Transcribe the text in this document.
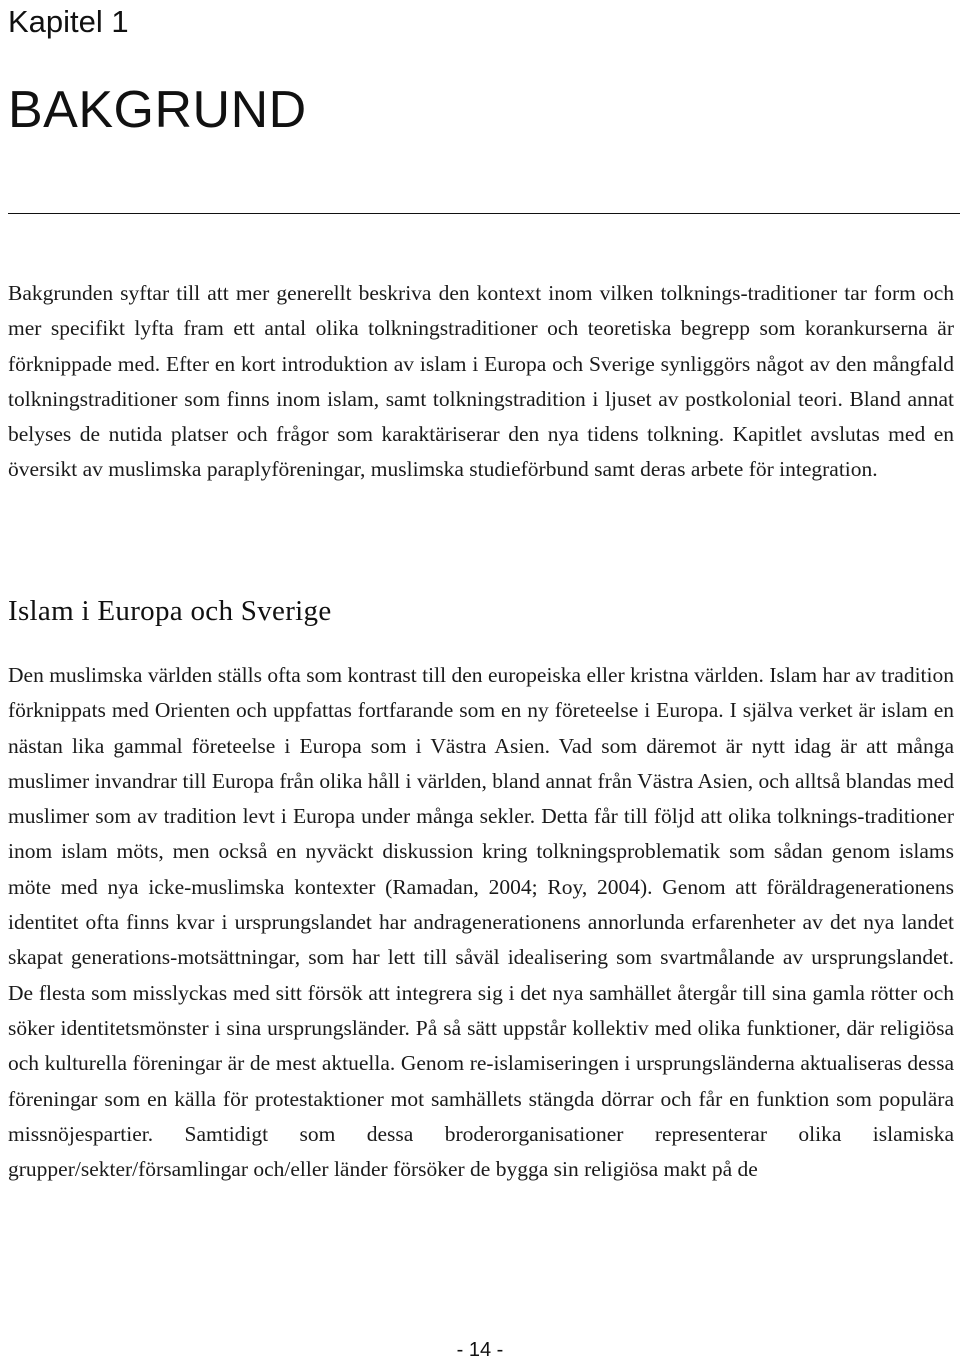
Kapitel 1
BAKGRUND

Bakgrunden syftar till att mer generellt beskriva den kontext inom vilken tolknings-traditioner tar form och mer specifikt lyfta fram ett antal olika tolkningstraditioner och teoretiska begrepp som korankurserna är förknippade med. Efter en kort introduktion av islam i Europa och Sverige synliggörs något av den mångfald tolkningstraditioner som finns inom islam, samt tolkningstradition i ljuset av postkolonial teori. Bland annat belyses de nutida platser och frågor som karaktäriserar den nya tidens tolkning. Kapitlet avslutas med en översikt av muslimska paraplyföreningar, muslimska studieförbund samt deras arbete för integration.

Islam i Europa och Sverige

Den muslimska världen ställs ofta som kontrast till den europeiska eller kristna världen. Islam har av tradition förknippats med Orienten och uppfattas fortfarande som en ny företeelse i Europa. I själva verket är islam en nästan lika gammal företeelse i Europa som i Västra Asien. Vad som däremot är nytt idag är att många muslimer invandrar till Europa från olika håll i världen, bland annat från Västra Asien, och alltså blandas med muslimer som av tradition levt i Europa under många sekler. Detta får till följd att olika tolknings-traditioner inom islam möts, men också en nyväckt diskussion kring tolkningsproblematik som sådan genom islams möte med nya icke-muslimska kontexter (Ramadan, 2004; Roy, 2004). Genom att föräldragenerationens identitet ofta finns kvar i ursprungslandet har andragenerationens annorlunda erfarenheter av det nya landet skapat generations-motsättningar, som har lett till såväl idealisering som svartmålande av ursprungslandet. De flesta som misslyckas med sitt försök att integrera sig i det nya samhället återgår till sina gamla rötter och söker identitetsmönster i sina ursprungsländer. På så sätt uppstår kollektiv med olika funktioner, där religiösa och kulturella föreningar är de mest aktuella. Genom re-islamiseringen i ursprungsländerna aktualiseras dessa föreningar som en källa för protestaktioner mot samhällets stängda dörrar och får en funktion som populära missnöjespartier. Samtidigt som dessa broderorganisationer representerar olika islamiska grupper/sekter/församlingar och/eller länder försöker de bygga sin religiösa makt på de

- 14 -
